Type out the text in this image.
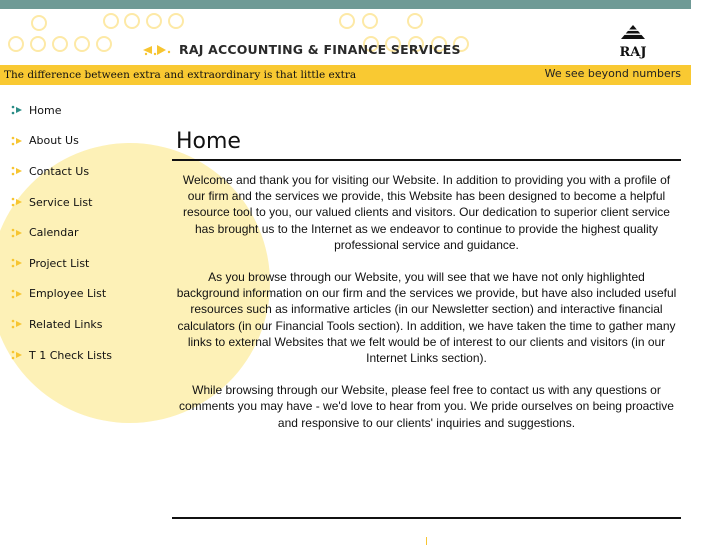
RAJ ACCOUNTING & FINANCE SERVICES	RAJ
The difference between extra and extraordinary is that little extra	We see beyond numbers
Home
About Us
Contact Us
Service List
Calendar
Project List
Employee List
Related Links
T 1 Check Lists
Home

Welcome and thank you for visiting our Website. In addition to providing you with a profile of our firm and the services we provide, this Website has been designed to become a helpful resource tool to you, our valued clients and visitors. Our dedication to superior client service has brought us to the Internet as we endeavor to continue to provide the highest quality professional service and guidance.

As you browse through our Website, you will see that we have not only highlighted background information on our firm and the services we provide, but have also included useful resources such as informative articles (in our Newsletter section) and interactive financial calculators (in our Financial Tools section). In addition, we have taken the time to gather many links to external Websites that we felt would be of interest to our clients and visitors (in our Internet Links section).

While browsing through our Website, please feel free to contact us with any questions or comments you may have - we'd love to hear from you. We pride ourselves on being proactive and responsive to our clients' inquiries and suggestions.
